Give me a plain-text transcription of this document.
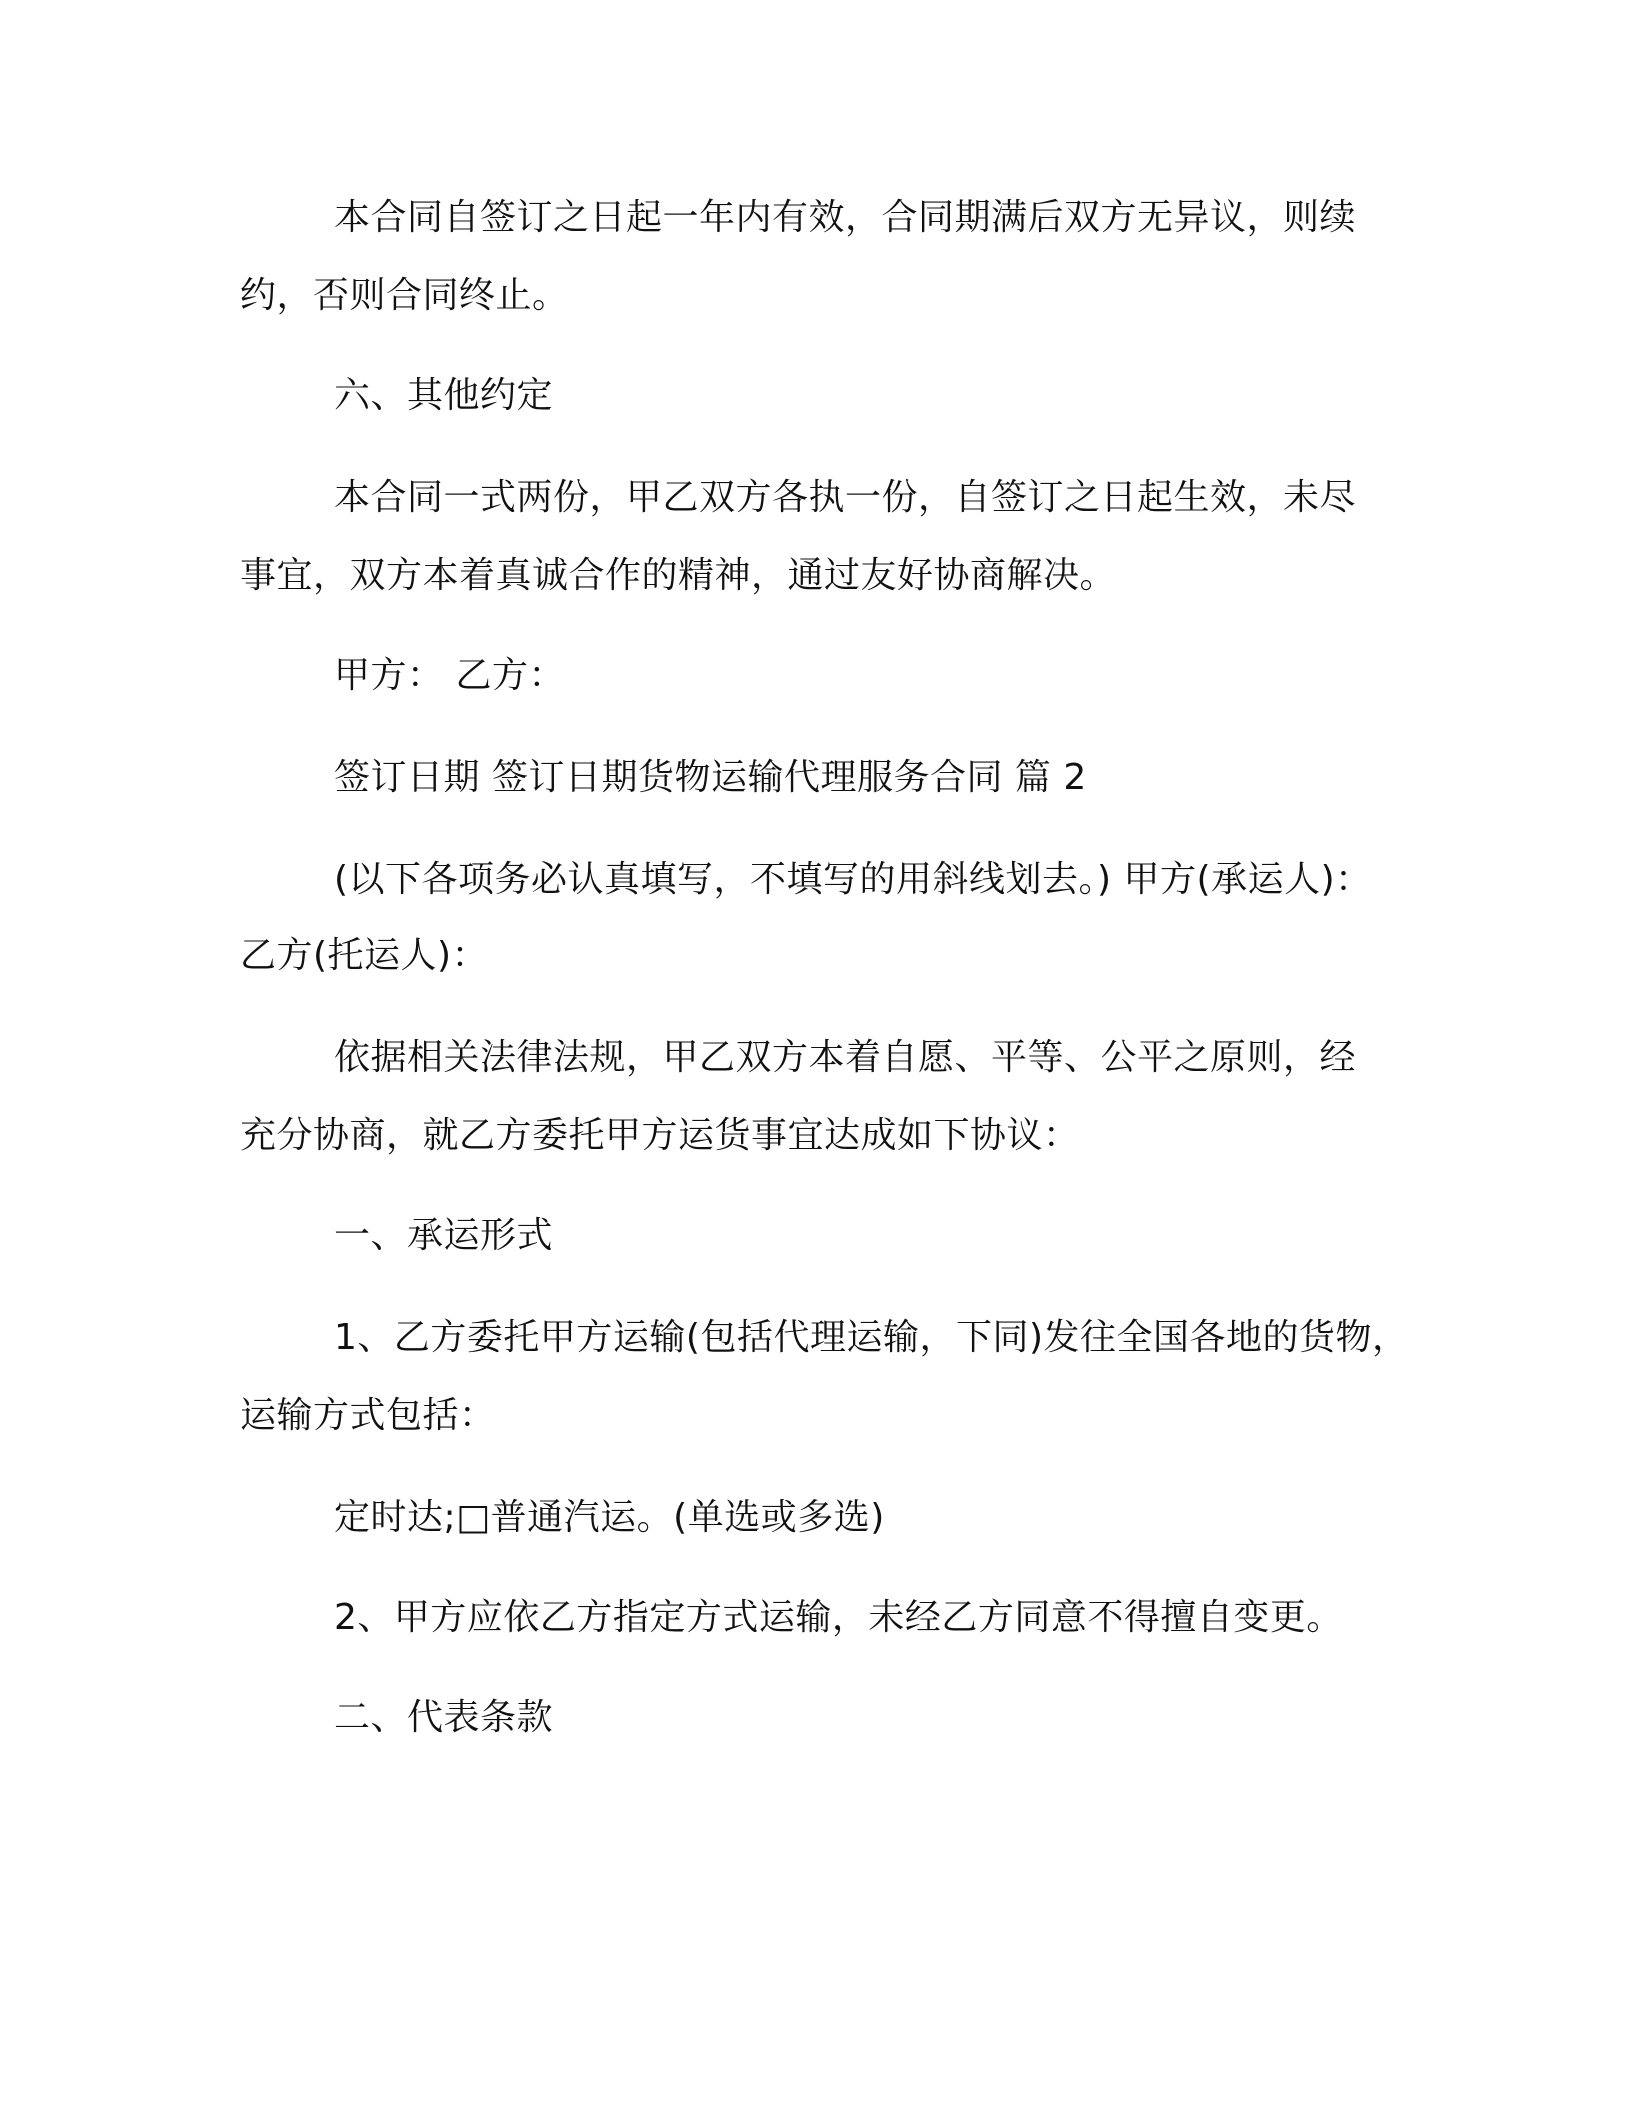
本合同自签订之日起一年内有效，合同期满后双方无异议，则续
约，否则合同终止。
六、其他约定
本合同一式两份，甲乙双方各执一份，自签订之日起生效，未尽
事宜，双方本着真诚合作的精神，通过友好协商解决。
甲方： 乙方：
签订日期 签订日期货物运输代理服务合同 篇 2
(以下各项务必认真填写，不填写的用斜线划去。) 甲方(承运人)：
乙方(托运人)：
依据相关法律法规，甲乙双方本着自愿、平等、公平之原则，经
充分协商，就乙方委托甲方运货事宜达成如下协议：
一、承运形式
1、乙方委托甲方运输(包括代理运输，下同)发往全国各地的货物，
运输方式包括：
定时达;□普通汽运。(单选或多选)
2、甲方应依乙方指定方式运输，未经乙方同意不得擅自变更。
二、代表条款
